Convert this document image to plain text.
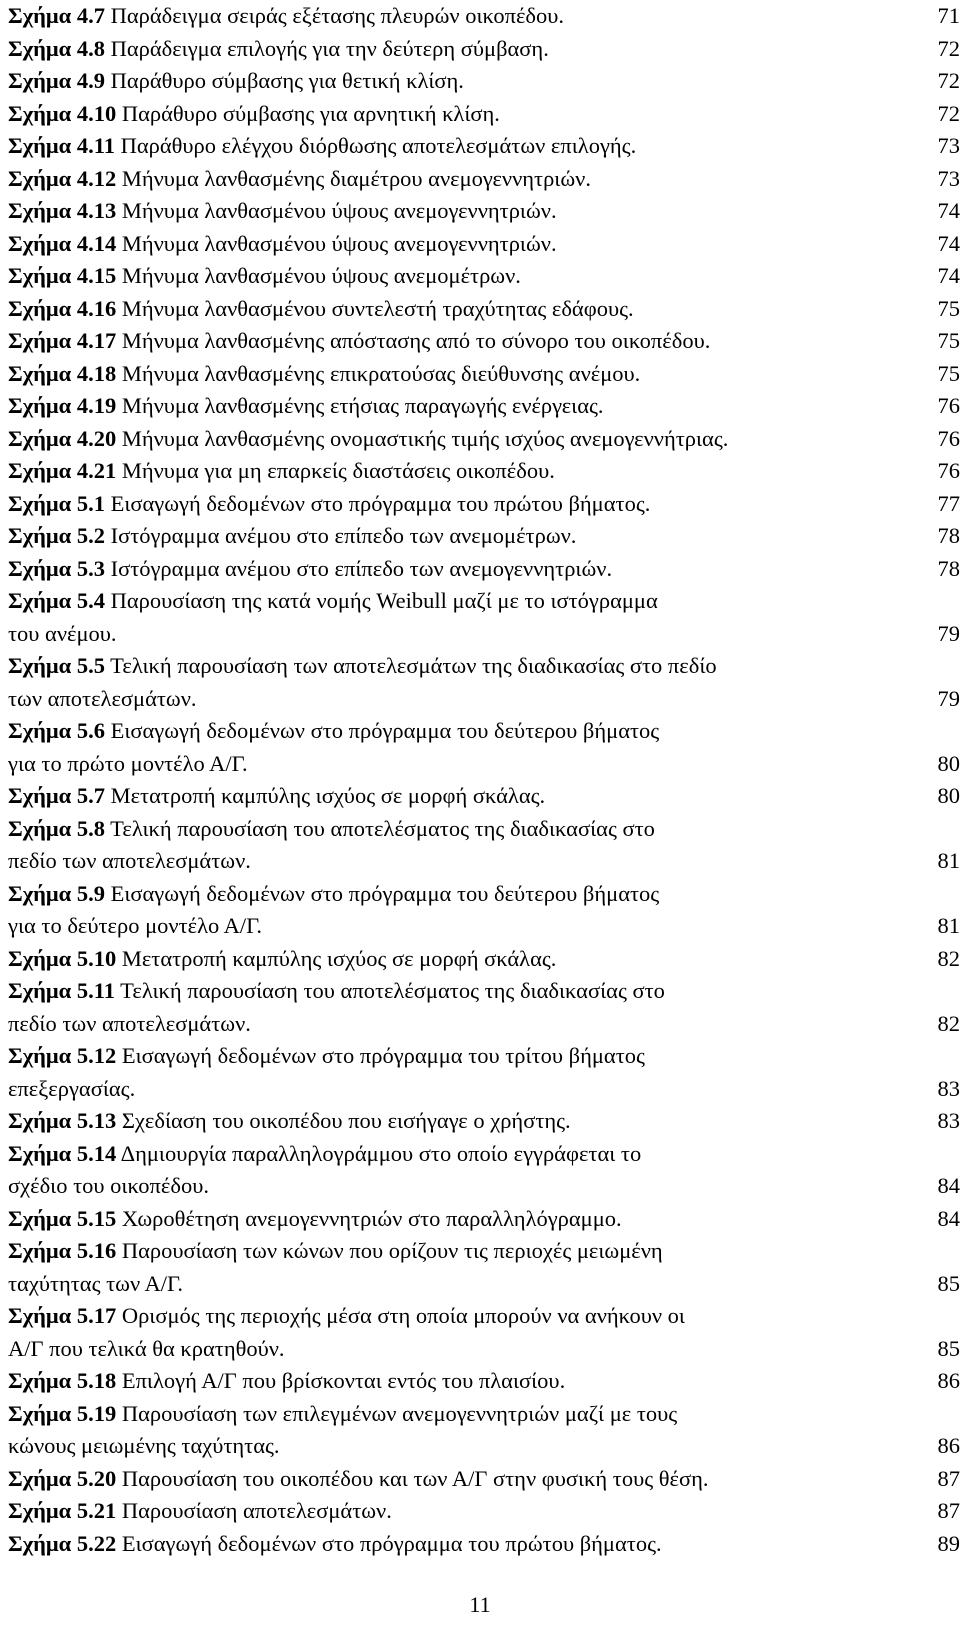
Σχήμα 4.7 Παράδειγμα σειράς εξέτασης πλευρών οικοπέδου.	71
Σχήμα 4.8 Παράδειγμα επιλογής για την δεύτερη σύμβαση.	72
Σχήμα 4.9 Παράθυρο σύμβασης για θετική κλίση.	72
Σχήμα 4.10 Παράθυρο σύμβασης για αρνητική κλίση.	72
Σχήμα 4.11 Παράθυρο ελέγχου διόρθωσης αποτελεσμάτων επιλογής.	73
Σχήμα 4.12 Μήνυμα λανθασμένης διαμέτρου ανεμογεννητριών.	73
Σχήμα 4.13 Μήνυμα λανθασμένου ύψους ανεμογεννητριών.	74
Σχήμα 4.14 Μήνυμα λανθασμένου ύψους ανεμογεννητριών.	74
Σχήμα 4.15 Μήνυμα λανθασμένου ύψους ανεμομέτρων.	74
Σχήμα 4.16 Μήνυμα λανθασμένου συντελεστή τραχύτητας εδάφους.	75
Σχήμα 4.17 Μήνυμα λανθασμένης απόστασης από το σύνορο του οικοπέδου.	75
Σχήμα 4.18 Μήνυμα λανθασμένης επικρατούσας διεύθυνσης ανέμου.	75
Σχήμα 4.19 Μήνυμα λανθασμένης ετήσιας παραγωγής ενέργειας.	76
Σχήμα 4.20 Μήνυμα λανθασμένης ονομαστικής τιμής ισχύος ανεμογεννήτριας.	76
Σχήμα 4.21 Μήνυμα για μη επαρκείς διαστάσεις οικοπέδου.	76
Σχήμα 5.1 Εισαγωγή δεδομένων στο πρόγραμμα του πρώτου βήματος.	77
Σχήμα 5.2 Ιστόγραμμα ανέμου στο επίπεδο των ανεμομέτρων.	78
Σχήμα 5.3 Ιστόγραμμα ανέμου στο επίπεδο των ανεμογεννητριών.	78
Σχήμα 5.4 Παρουσίαση της κατά νομής Weibull μαζί με το ιστόγραμμα
του ανέμου.	79
Σχήμα 5.5 Τελική παρουσίαση των αποτελεσμάτων της διαδικασίας στο πεδίο
των αποτελεσμάτων.	79
Σχήμα 5.6 Εισαγωγή δεδομένων στο πρόγραμμα του δεύτερου βήματος
για το πρώτο μοντέλο Α/Γ.	80
Σχήμα 5.7 Μετατροπή καμπύλης ισχύος σε μορφή σκάλας.	80
Σχήμα 5.8 Τελική παρουσίαση του αποτελέσματος της διαδικασίας στο
πεδίο των αποτελεσμάτων.	81
Σχήμα 5.9 Εισαγωγή δεδομένων στο πρόγραμμα του δεύτερου βήματος
για το δεύτερο μοντέλο Α/Γ.	81
Σχήμα 5.10 Μετατροπή καμπύλης ισχύος σε μορφή σκάλας.	82
Σχήμα 5.11 Τελική παρουσίαση του αποτελέσματος της διαδικασίας στο
πεδίο των αποτελεσμάτων.	82
Σχήμα 5.12 Εισαγωγή δεδομένων στο πρόγραμμα του τρίτου βήματος
επεξεργασίας.	83
Σχήμα 5.13 Σχεδίαση του οικοπέδου που εισήγαγε ο χρήστης.	83
Σχήμα 5.14 Δημιουργία παραλληλογράμμου στο οποίο εγγράφεται το
σχέδιο του οικοπέδου.	84
Σχήμα 5.15 Χωροθέτηση ανεμογεννητριών στο παραλληλόγραμμο.	84
Σχήμα 5.16 Παρουσίαση των κώνων που ορίζουν τις περιοχές μειωμένη
ταχύτητας των Α/Γ.	85
Σχήμα 5.17 Ορισμός της περιοχής μέσα στη οποία μπορούν να ανήκουν οι
Α/Γ που τελικά θα κρατηθούν.	85
Σχήμα 5.18 Επιλογή Α/Γ που βρίσκονται εντός του πλαισίου.	86
Σχήμα 5.19 Παρουσίαση των επιλεγμένων ανεμογεννητριών μαζί με τους
κώνους μειωμένης ταχύτητας.	86
Σχήμα 5.20 Παρουσίαση του οικοπέδου και των Α/Γ στην φυσική τους θέση.	87
Σχήμα 5.21 Παρουσίαση αποτελεσμάτων.	87
Σχήμα 5.22 Εισαγωγή δεδομένων στο πρόγραμμα του πρώτου βήματος.	89
11
